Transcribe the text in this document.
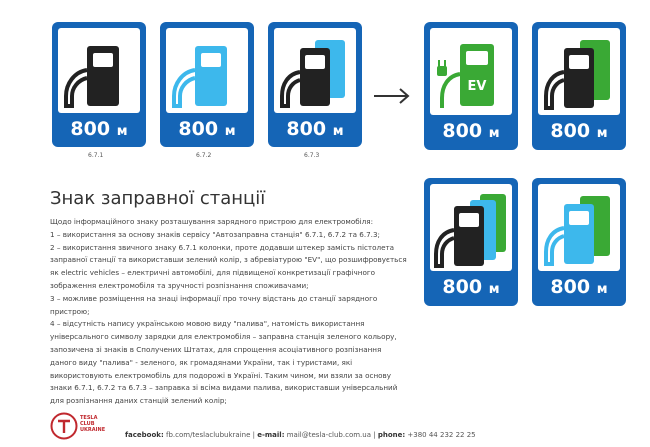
800 м
6.7.1
800 м
6.7.2
800 м
6.7.3
EV
800 м	800 м
800 м	800 м
Знак заправної станції

Щодо інформаційного знаку розташування зарядного пристрою для електромобіля:

1 – використання за основу знаків сервісу "Автозаправна станція" 6.7.1, 6.7.2 та 6.7.3;

2 – використання звичного знаку 6.7.1 колонки, проте додавши штекер замість пістолета заправної станції та використавши зелений колір, з абревіатурою "EV", що розшифровується як electric vehicles – електричні автомобілі, для підвищеної конкретизації графічного зображення електромобіля та зручності розпізнання споживачами;

3 – можливе розміщення на знаці інформації про точну відстань до станції зарядного пристрою;

4 – відсутність напису українською мовою виду "палива", натомість використання універсального символу зарядки для електромобіля – заправна станція зеленого кольору, запозичена зі знаків в Сполучених Штатах, для спрощення асоціативного розпізнання даного виду "палива" - зеленого, як громадянами України, так і туристами, які використовують електромобіль для подорожі в Україні. Таким чином, ми взяли за основу знаки 6.7.1, 6.7.2 та 6.7.3 – заправка зі всіма видами палива, використавши універсальний для розпізнання даних станцій зелений колір;

TESLA
CLUB
UKRAINE
facebook: fb.com/teslaclubukraine | e-mail: mail@tesla-club.com.ua | phone: +380 44 232 22 25
